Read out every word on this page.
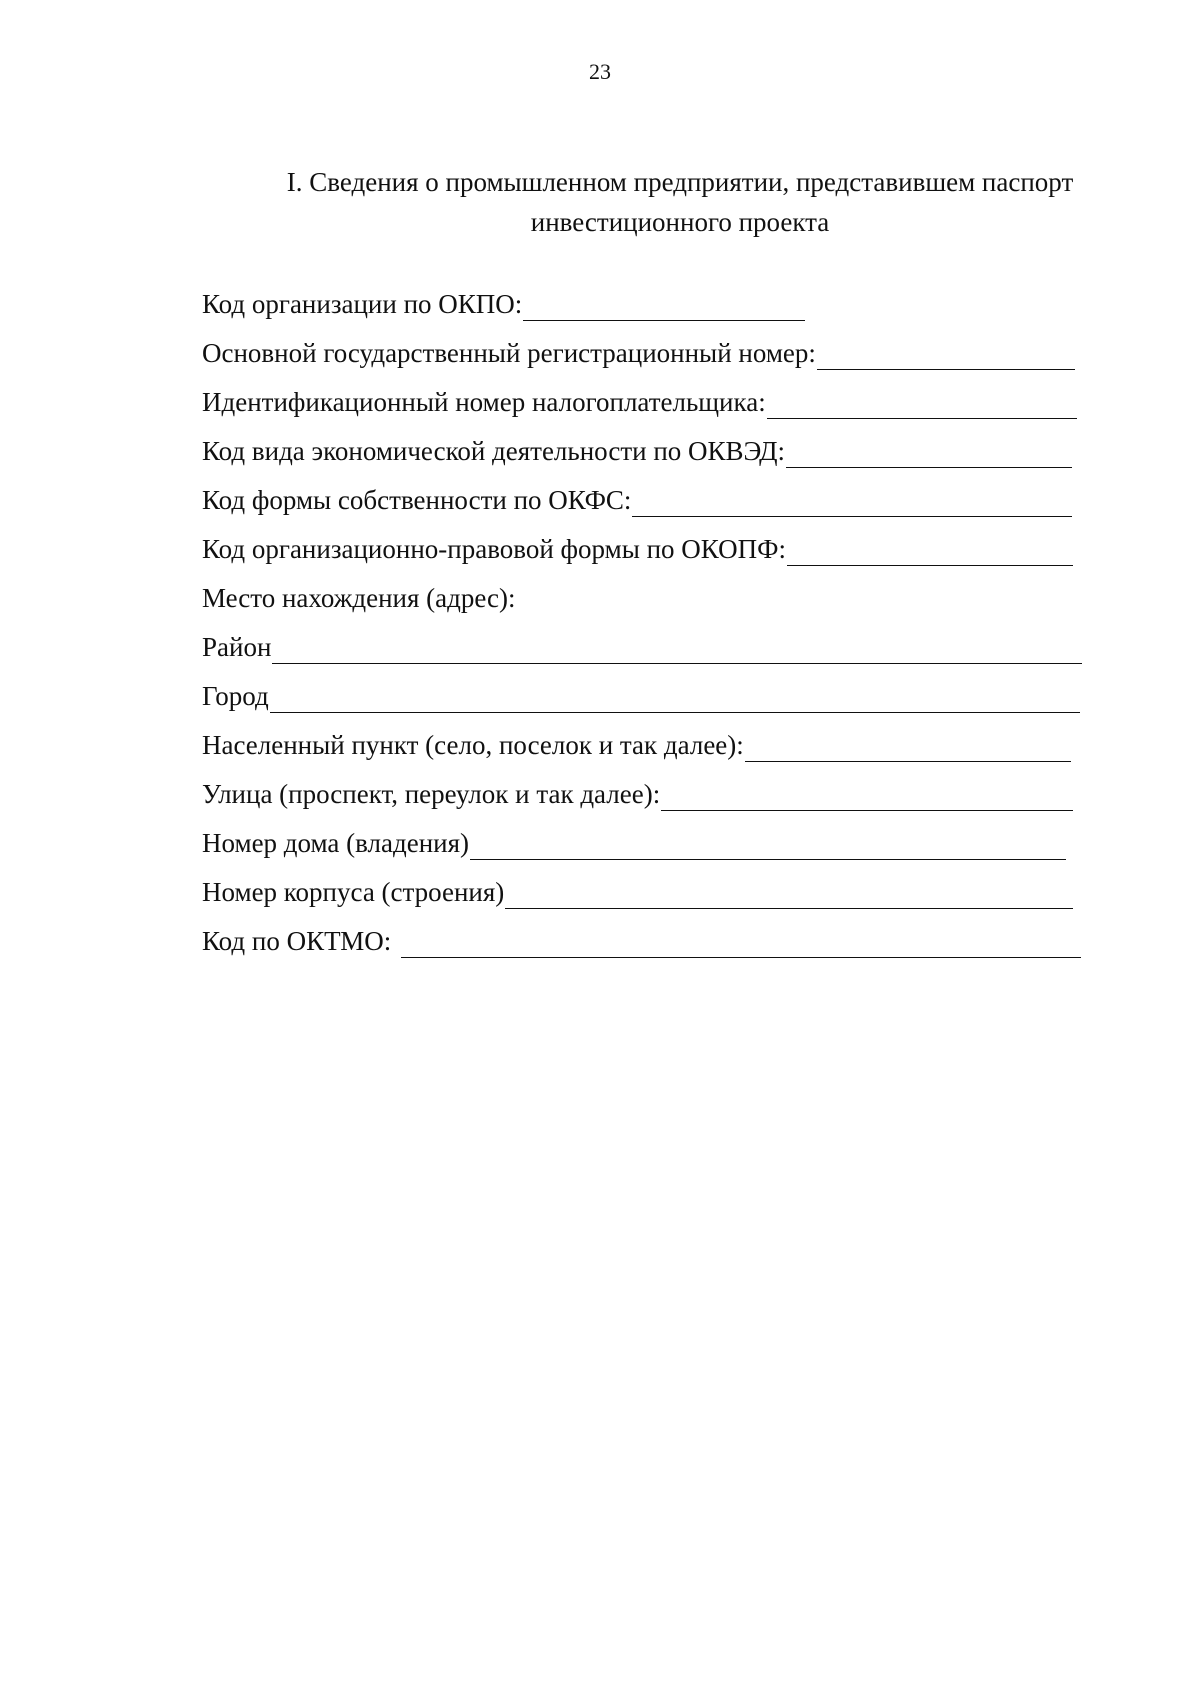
23
I. Сведения о промышленном предприятии, представившем паспорт
инвестиционного проекта
Код организации по ОКПО:
Основной государственный регистрационный номер:
Идентификационный номер налогоплательщика:
Код вида экономической деятельности по ОКВЭД:
Код формы собственности по ОКФС:
Код организационно-правовой формы по ОКОПФ:
Место нахождения (адрес):
Район
Город
Населенный пункт (село, поселок и так далее):
Улица (проспект, переулок и так далее):
Номер дома (владения)
Номер корпуса (строения)
Код по ОКТМО:
